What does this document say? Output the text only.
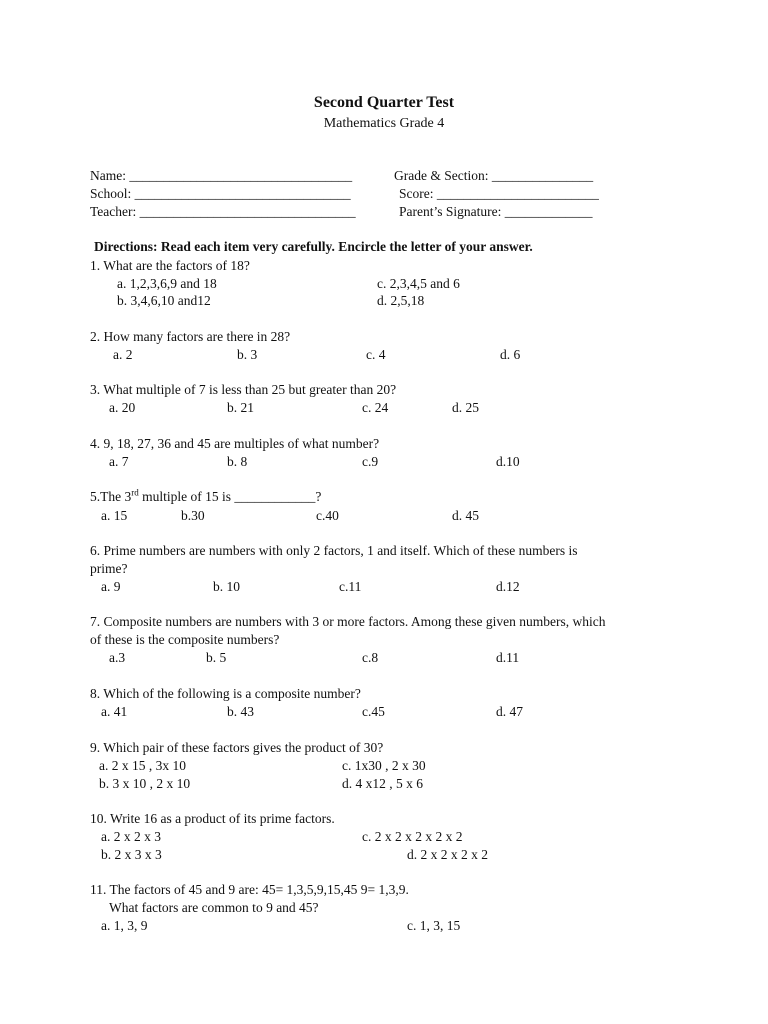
Second Quarter Test
Mathematics Grade 4
Name: _________________________________	Grade & Section: _______________
School: ________________________________	Score: ________________________
Teacher: ________________________________	Parent’s Signature: _____________
Directions: Read each item very carefully. Encircle the letter of your answer.
1. What are the factors of 18?
a. 1,2,3,6,9 and 18	c. 2,3,4,5 and 6
b. 3,4,6,10 and12	d. 2,5,18
2. How many factors are there in 28?
a. 2	b. 3	c. 4	d. 6
3. What multiple of 7 is less than 25 but greater than 20?
a. 20	b. 21	c. 24	d. 25
4. 9, 18, 27, 36 and 45 are multiples of what number?
a. 7	b. 8	c.9	d.10
5.The 3rd multiple of 15 is ____________?
a. 15	b.30	c.40	d. 45
6. Prime numbers are numbers with only 2 factors, 1 and itself. Which of these numbers is
prime?
a. 9	b. 10	c.11	d.12
7. Composite numbers are numbers with 3 or more factors. Among these given numbers, which
of these is the composite numbers?
a.3	b. 5	c.8	d.11
8. Which of the following is a composite number?
a. 41	b. 43	c.45	d. 47
9. Which pair of these factors gives the product of 30?
a. 2 x 15 , 3x 10	c. 1x30 , 2 x 30
b. 3 x 10 , 2 x 10	d. 4 x12 , 5 x 6
10. Write 16 as a product of its prime factors.
a. 2 x 2 x 3	c. 2 x 2 x 2 x 2 x 2
b. 2 x 3 x 3	d. 2 x 2 x 2 x 2
11. The factors of 45 and 9 are: 45= 1,3,5,9,15,45 9= 1,3,9.
What factors are common to 9 and 45?
a. 1, 3, 9	c. 1, 3, 15
